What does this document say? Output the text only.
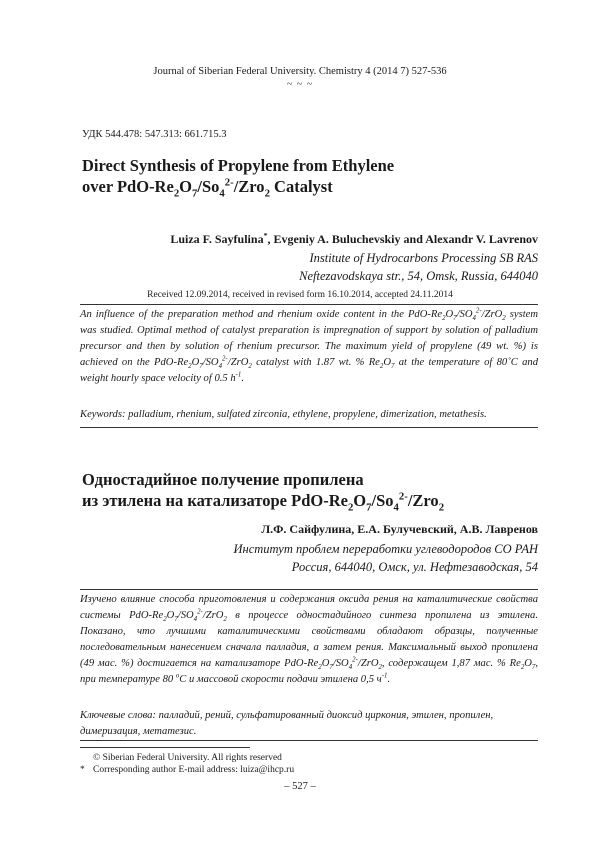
Journal of Siberian Federal University. Chemistry 4 (2014 7) 527-536
~ ~ ~
УДК 544.478: 547.313: 661.715.3
Direct Synthesis of Propylene from Ethylene
over PdO-$Re_2O_7/So_4^{2-}/Zro_2$ Catalyst
Luiza F. Sayfulina*, Evgeniy A. Buluchevskiy and Alexandr V. Lavrenov
Institute of Hydrocarbons Processing SB RAS
Neftezavodskaya str., 54, Omsk, Russia, 644040
Received 12.09.2014, received in revised form 16.10.2014, accepted 24.11.2014
An influence of the preparation method and rhenium oxide content in the PdO-$Re_2O_7/SO_4^{2-}/ZrO_2$ system was studied. Optimal method of catalyst preparation is impregnation of support by solution of palladium precursor and then by solution of rhenium precursor. The maximum yield of propylene (49 wt. %) is achieved on the PdO-$Re_2O_7/SO_4^{2-}/ZrO_2$ catalyst with 1.87 wt. % $Re_2O_7$ at the temperature of 80˚C and weight hourly space velocity of 0.5 $h^{-1}$.
Keywords: palladium, rhenium, sulfated zirconia, ethylene, propylene, dimerization, metathesis.
Одностадийное получение пропилена
из этилена на катализаторе PdO-$Re_2O_7/So_4^{2-}/Zro_2$
Л.Ф. Сайфулина, Е.А. Булучевский, А.В. Лавренов
Институт проблем переработки углеводородов СО РАН
Россия, 644040, Омск, ул. Нефтезаводская, 54
Изучено влияние способа приготовления и содержания оксида рения на каталитические свойства системы PdO-$Re_2O_7/SO_4^{2-}/ZrO_2$ в процессе одностадийного синтеза пропилена из этилена. Показано, что лучшими каталитическими свойствами обладают образцы, полученные последовательным нанесением сначала палладия, а затем рения. Максимальный выход пропилена (49 мас. %) достигается на катализаторе PdO-$Re_2O_7/SO_4^{2-}/ZrO_2$, содержащем 1,87 мас. % $Re_2O_7$, при температуре 80 $^o$С и массовой скорости подачи этилена 0,5 $ч^{-1}$.
Ключевые слова: палладий, рений, сульфатированный диоксид циркония, этилен, пропилен, димеризация, метатезис.
© Siberian Federal University. All rights reserved
* Corresponding author E-mail address: luiza@ihcp.ru
– 527 –
